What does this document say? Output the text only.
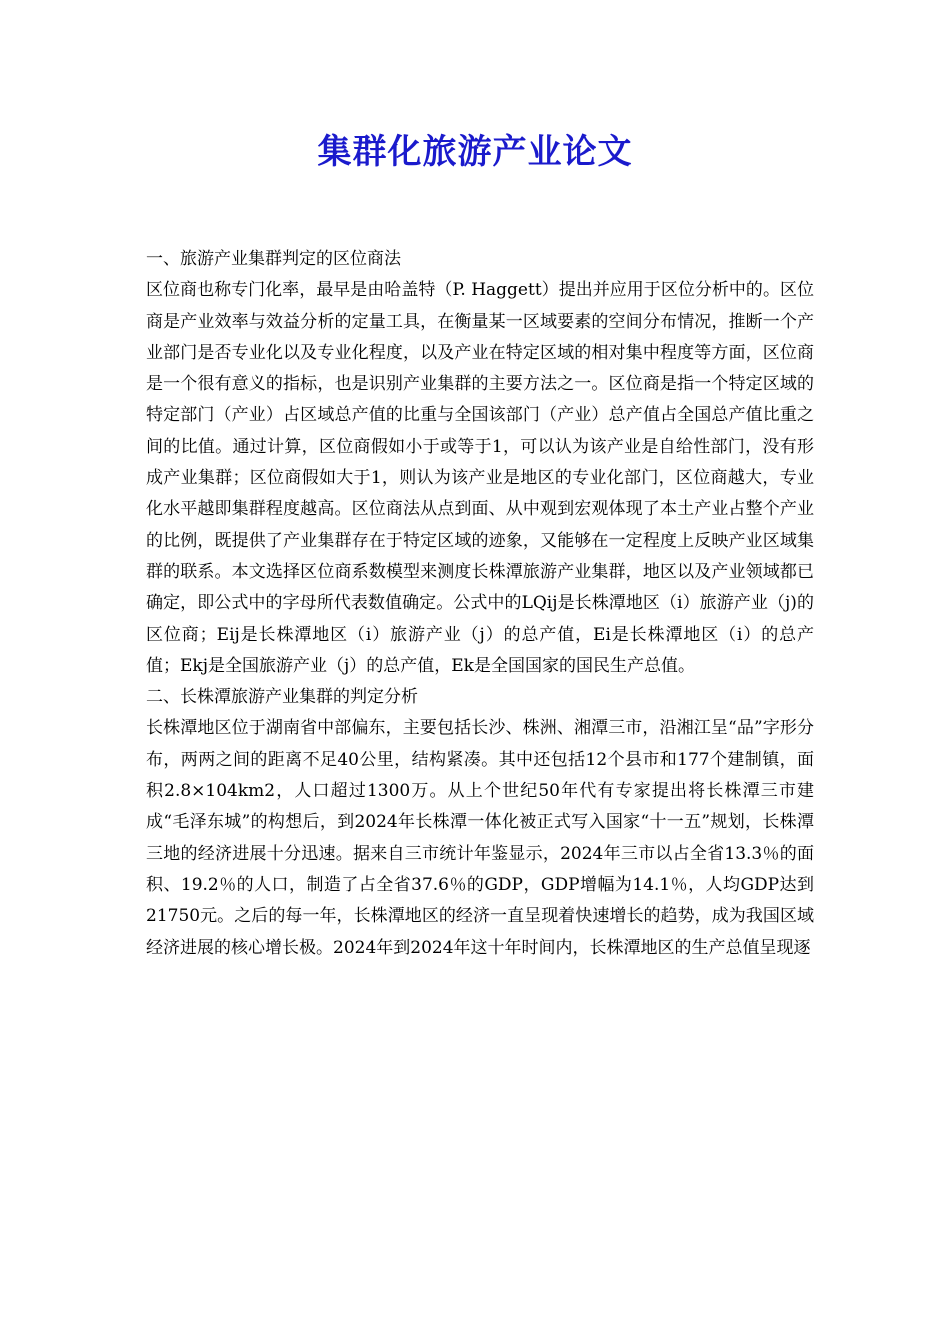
集群化旅游产业论文
一、旅游产业集群判定的区位商法

区位商也称专门化率，最早是由哈盖特（P. Haggett）提出并应用于区位分析中的。区位商是产业效率与效益分析的定量工具，在衡量某一区域要素的空间分布情况，推断一个产业部门是否专业化以及专业化程度，以及产业在特定区域的相对集中程度等方面，区位商是一个很有意义的指标，也是识别产业集群的主要方法之一。区位商是指一个特定区域的特定部门（产业）占区域总产值的比重与全国该部门（产业）总产值占全国总产值比重之间的比值。通过计算，区位商假如小于或等于1，可以认为该产业是自给性部门，没有形成产业集群；区位商假如大于1，则认为该产业是地区的专业化部门，区位商越大，专业化水平越即集群程度越高。区位商法从点到面、从中观到宏观体现了本土产业占整个产业的比例，既提供了产业集群存在于特定区域的迹象，又能够在一定程度上反映产业区域集群的联系。本文选择区位商系数模型来测度长株潭旅游产业集群，地区以及产业领域都已确定，即公式中的字母所代表数值确定。公式中的LQij是长株潭地区（i）旅游产业（j)的区位商；Eij是长株潭地区（i）旅游产业（j）的总产值，Ei是长株潭地区（i）的总产值；Ekj是全国旅游产业（j）的总产值，Ek是全国国家的国民生产总值。

二、长株潭旅游产业集群的判定分析

长株潭地区位于湖南省中部偏东，主要包括长沙、株洲、湘潭三市，沿湘江呈“品”字形分布，两两之间的距离不足40公里，结构紧凑。其中还包括12个县市和177个建制镇，面积2.8×104km2，人口超过1300万。从上个世纪50年代有专家提出将长株潭三市建成“毛泽东城”的构想后，到2024年长株潭一体化被正式写入国家“十一五”规划，长株潭三地的经济进展十分迅速。据来自三市统计年鉴显示，2024年三市以占全省13.3％的面积、19.2％的人口，制造了占全省37.6％的GDP，GDP增幅为14.1％，人均GDP达到21750元。之后的每一年，长株潭地区的经济一直呈现着快速增长的趋势，成为我国区域经济进展的核心增长极。2024年到2024年这十年时间内，长株潭地区的生产总值呈现逐
